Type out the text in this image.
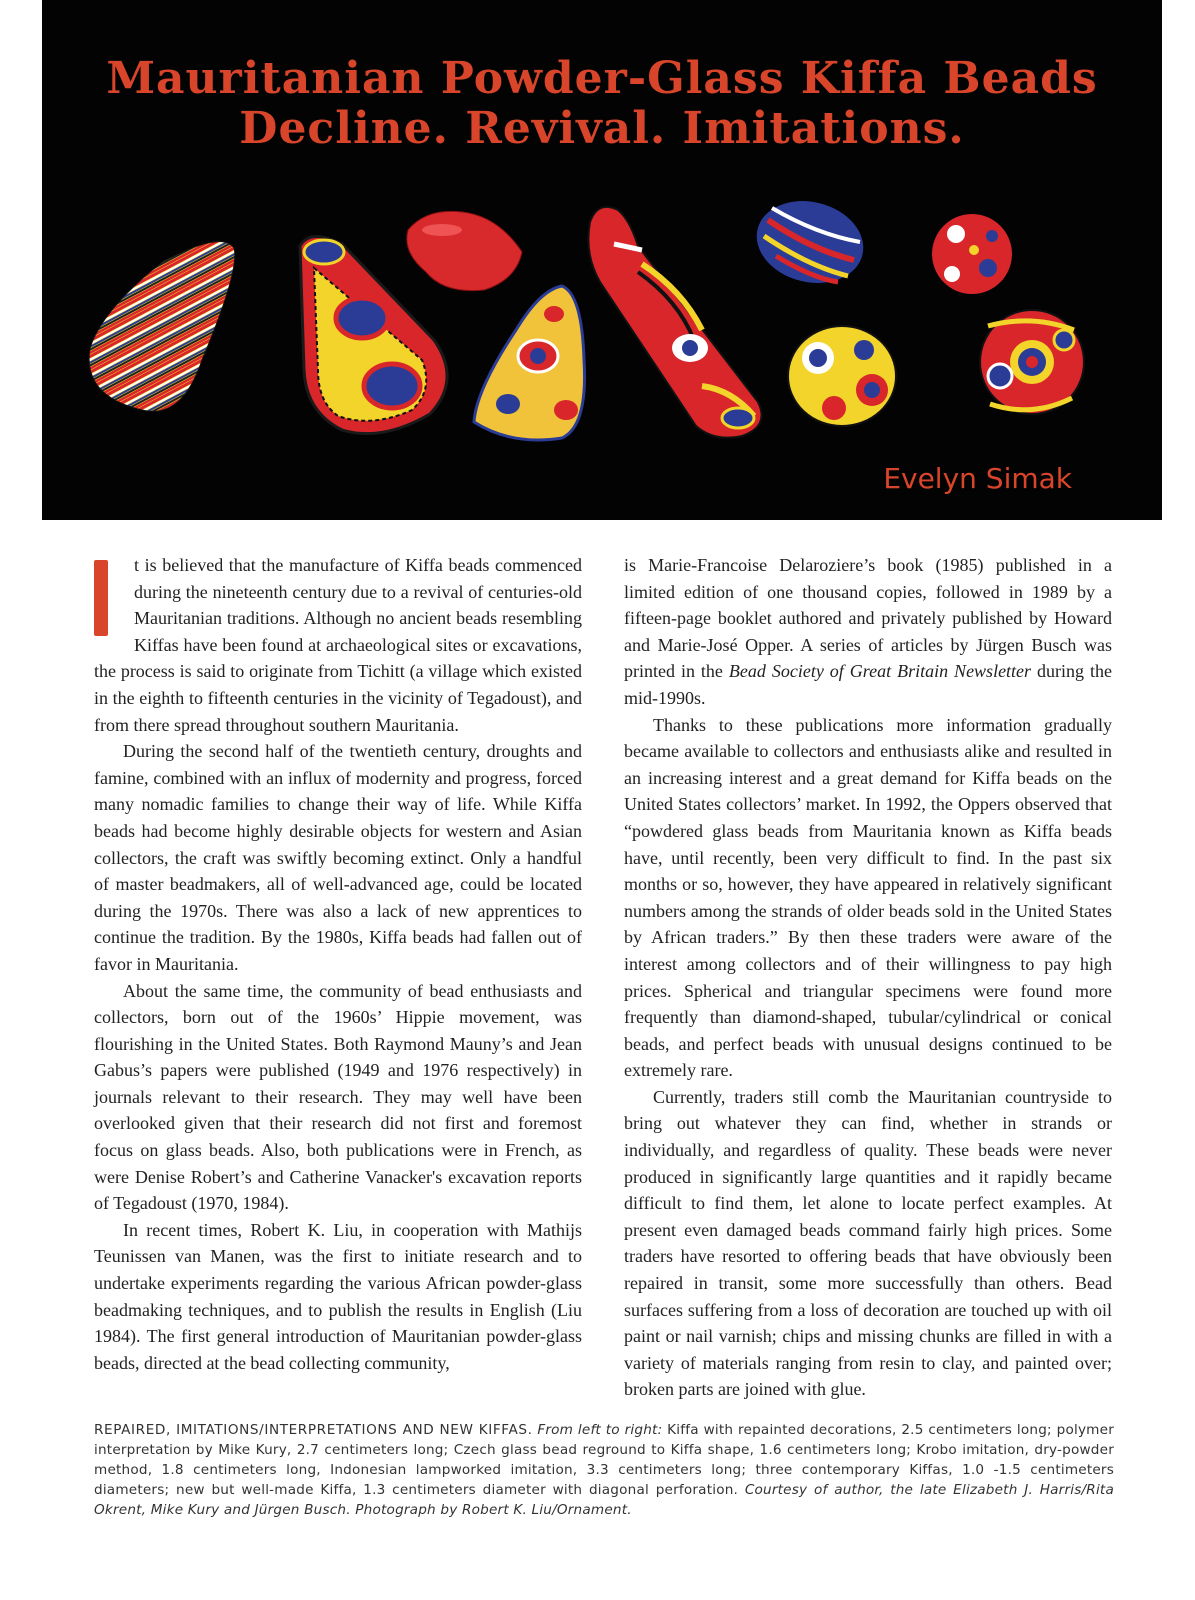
Mauritanian Powder-Glass Kiffa Beads
Decline. Revival. Imitations.
Evelyn Simak

t is believed that the manufacture of Kiffa beads commenced during the nineteenth century due to a revival of centuries-old Mauritanian traditions. Although no ancient beads resembling Kiffas have been found at archaeological sites or excavations, the process is said to originate from Tichitt (a village which existed in the eighth to fifteenth centuries in the vicinity of Tegadoust), and from there spread throughout southern Mauritania.

During the second half of the twentieth century, droughts and famine, combined with an influx of modernity and progress, forced many nomadic families to change their way of life. While Kiffa beads had become highly desirable objects for western and Asian collectors, the craft was swiftly becoming extinct. Only a handful of master beadmakers, all of well-advanced age, could be located during the 1970s. There was also a lack of new apprentices to continue the tradition. By the 1980s, Kiffa beads had fallen out of favor in Mauritania.

About the same time, the community of bead enthusiasts and collectors, born out of the 1960s’ Hippie movement, was flourishing in the United States. Both Raymond Mauny’s and Jean Gabus’s papers were published (1949 and 1976 respectively) in journals relevant to their research. They may well have been overlooked given that their research did not first and foremost focus on glass beads. Also, both publications were in French, as were Denise Robert’s and Catherine Vanacker's excavation reports of Tegadoust (1970, 1984).

In recent times, Robert K. Liu, in cooperation with Mathijs Teunissen van Manen, was the first to initiate research and to undertake experiments regarding the various African powder-glass beadmaking techniques, and to publish the results in English (Liu 1984). The first general introduction of Mauritanian powder-glass beads, directed at the bead collecting community,

is Marie-Francoise Delaroziere’s book (1985) published in a limited edition of one thousand copies, followed in 1989 by a fifteen-page booklet authored and privately published by Howard and Marie-José Opper. A series of articles by Jürgen Busch was printed in the Bead Society of Great Britain Newsletter during the mid-1990s.

Thanks to these publications more information gradually became available to collectors and enthusiasts alike and resulted in an increasing interest and a great demand for Kiffa beads on the United States collectors’ market. In 1992, the Oppers observed that “powdered glass beads from Mauritania known as Kiffa beads have, until recently, been very difficult to find. In the past six months or so, however, they have appeared in relatively significant numbers among the strands of older beads sold in the United States by African traders.” By then these traders were aware of the interest among collectors and of their willingness to pay high prices. Spherical and triangular specimens were found more frequently than diamond-shaped, tubular/cylindrical or conical beads, and perfect beads with unusual designs continued to be extremely rare.

Currently, traders still comb the Mauritanian countryside to bring out whatever they can find, whether in strands or individually, and regardless of quality. These beads were never produced in significantly large quantities and it rapidly became difficult to find them, let alone to locate perfect examples. At present even damaged beads command fairly high prices. Some traders have resorted to offering beads that have obviously been repaired in transit, some more successfully than others. Bead surfaces suffering from a loss of decoration are touched up with oil paint or nail varnish; chips and missing chunks are filled in with a variety of materials ranging from resin to clay, and painted over; broken parts are joined with glue.

REPAIRED, IMITATIONS/INTERPRETATIONS AND NEW KIFFAS. From left to right: Kiffa with repainted decorations, 2.5 centimeters long; polymer interpretation by Mike Kury, 2.7 centimeters long; Czech glass bead reground to Kiffa shape, 1.6 centimeters long; Krobo imitation, dry-powder method, 1.8 centimeters long, Indonesian lampworked imitation, 3.3 centimeters long; three contemporary Kiffas, 1.0 -1.5 centimeters diameters; new but well-made Kiffa, 1.3 centimeters diameter with diagonal perforation. Courtesy of author, the late Elizabeth J. Harris/Rita Okrent, Mike Kury and Jürgen Busch. Photograph by Robert K. Liu/Ornament.
